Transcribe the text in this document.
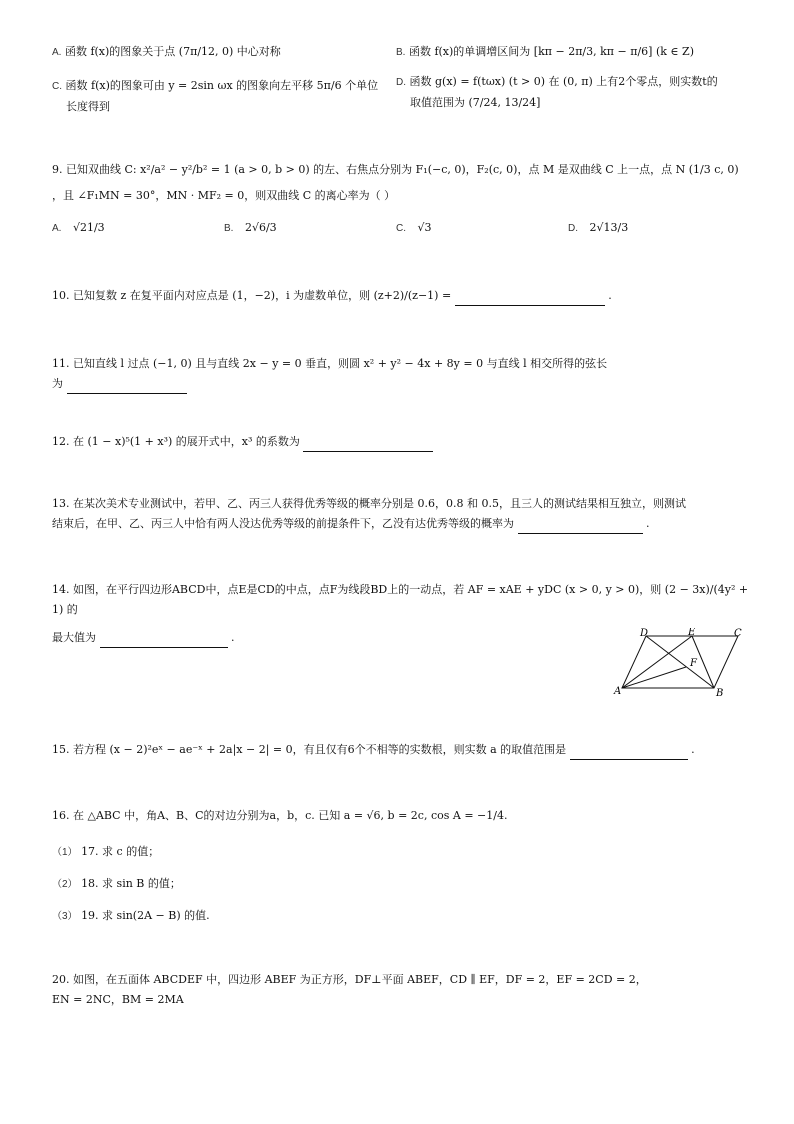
A. 函数 f(x)的图象关于点 (7π/12, 0) 中心对称	B. 函数 f(x)的单调增区间为 [kπ − 2π/3, kπ − π/6] (k ∈ Z)
C. 函数 f(x)的图象可由 y = 2sin ωx 的图象向左平移 5π/6 个单位
长度得到
D. 函数 g(x) = f(tωx) (t > 0) 在 (0, π) 上有2个零点，则实数t的
取值范围为 (7/24, 13/24]
9. 已知双曲线 C: x²/a² − y²/b² = 1 (a > 0, b > 0) 的左、右焦点分别为 F₁(−c, 0)，F₂(c, 0)，点 M 是双曲线 C 上一点，点 N (1/3 c, 0)
，且 ∠F₁MN = 30°，MN · MF₂ = 0，则双曲线 C 的离心率为（ ）
A. √21/3	B. 2√6/3	C. √3	D. 2√13/3
10. 已知复数 z 在复平面内对应点是 (1，−2)，i 为虚数单位，则 (z+2)/(z−1) =	.
11. 已知直线 l 过点 (−1, 0) 且与直线 2x − y = 0 垂直，则圆 x² + y² − 4x + 8y = 0 与直线 l 相交所得的弦长
为
12. 在 (1 − x)⁵(1 + x³) 的展开式中，x³ 的系数为
13. 在某次美术专业测试中，若甲、乙、丙三人获得优秀等级的概率分别是 0.6，0.8 和 0.5，且三人的测试结果相互独立，则测试
结束后，在甲、乙、丙三人中恰有两人没达优秀等级的前提条件下，乙没有达优秀等级的概率为	.
14. 如图，在平行四边形ABCD中，点E是CD的中点，点F为线段BD上的一动点，若 AF = xAE + yDC (x > 0, y > 0)，则 (2 − 3x)/(4y² + 1) 的
最大值为	.
A	B
C
D	E
F
15. 若方程 (x − 2)²eˣ − ae⁻ˣ + 2a|x − 2| = 0，有且仅有6个不相等的实数根，则实数 a 的取值范围是	.
16. 在 △ABC 中，角A、B、C的对边分别为a，b，c. 已知 a = √6, b = 2c, cos A = −1/4.
（1） 17. 求 c 的值；
（2） 18. 求 sin B 的值；
（3） 19. 求 sin(2A − B) 的值.
20. 如图，在五面体 ABCDEF 中，四边形 ABEF 为正方形，DF⊥平面 ABEF，CD ∥ EF，DF = 2，EF = 2CD = 2，
EN = 2NC，BM = 2MA
